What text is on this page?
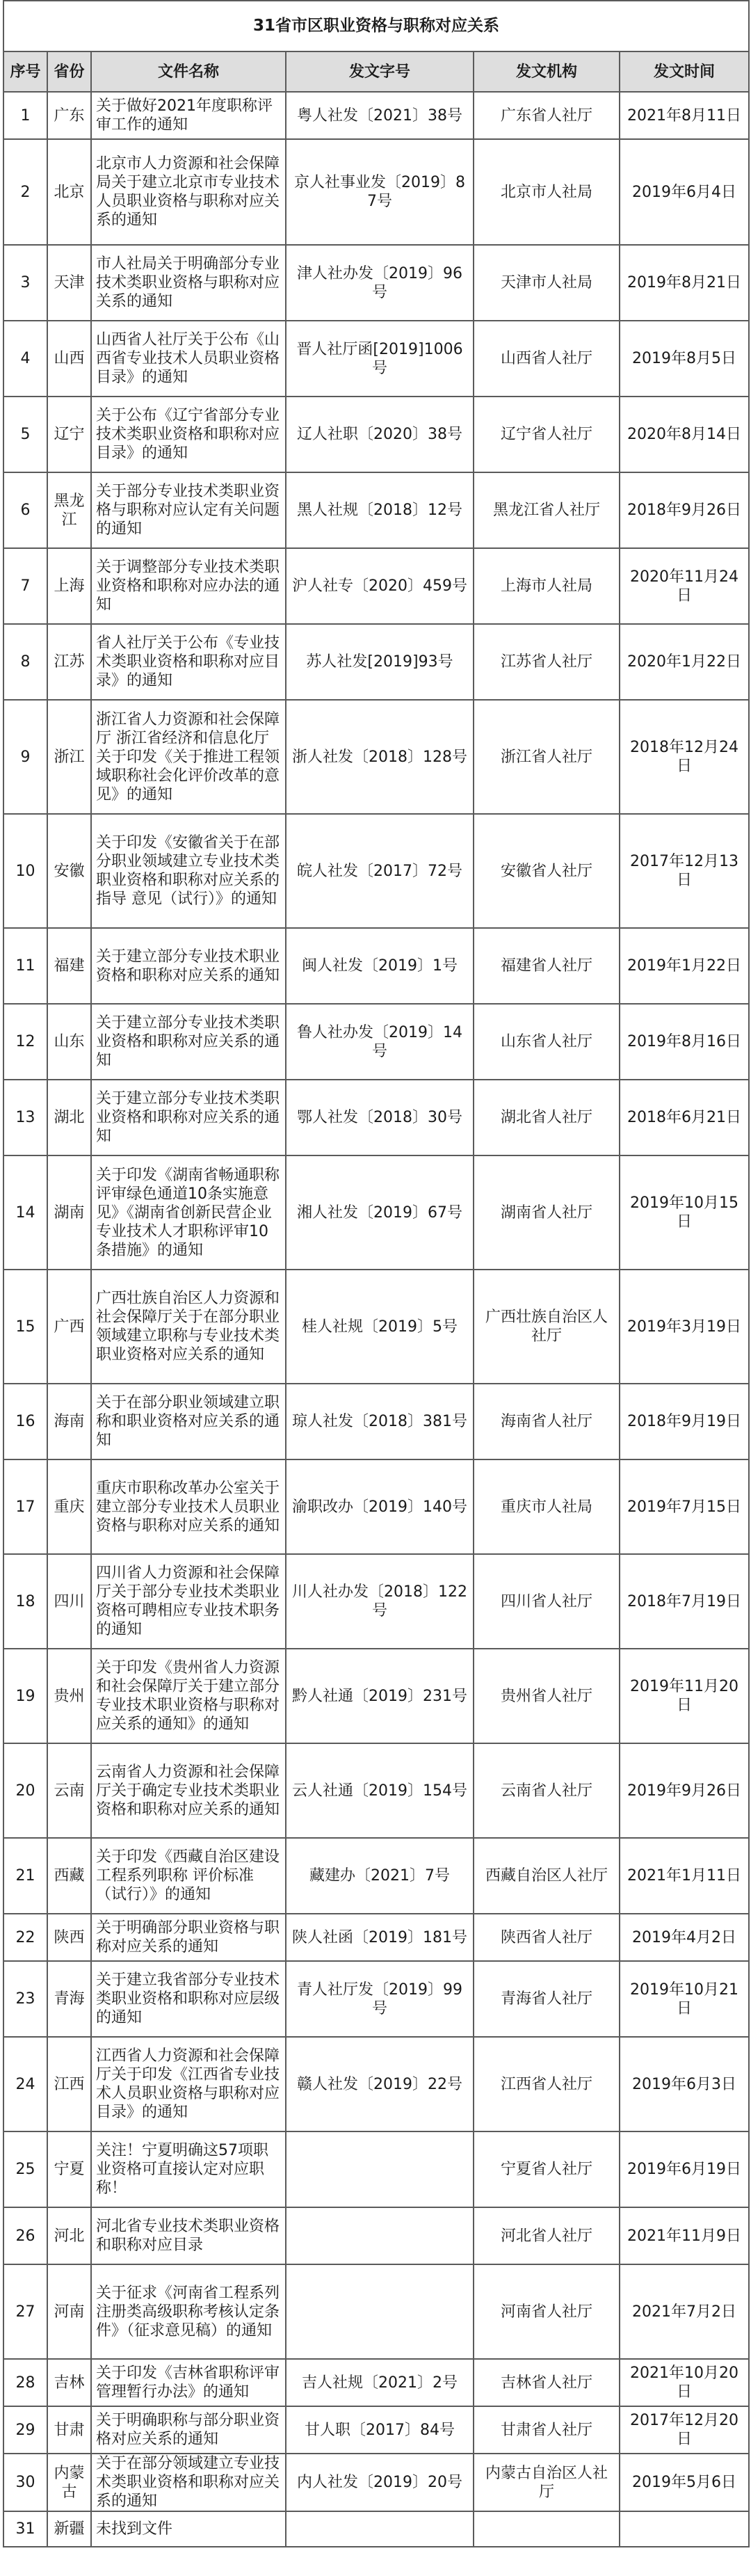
31省市区职业资格与职称对应关系					
序号	省份	文件名称	发文字号	发文机构	发文时间
1	广东	关于做好2021年度职称评审工作的通知	粤人社发〔2021〕38号	广东省人社厅	2021年8月11日
2	北京	北京市人力资源和社会保障局关于建立北京市专业技术人员职业资格与职称对应关系的通知	京人社事业发〔2019〕87号	北京市人社局	2019年6月4日
3	天津	市人社局关于明确部分专业技术类职业资格与职称对应关系的通知	津人社办发〔2019〕96号	天津市人社局	2019年8月21日
4	山西	山西省人社厅关于公布《山西省专业技术人员职业资格目录》的通知	晋人社厅函[2019]1006号	山西省人社厅	2019年8月5日
5	辽宁	关于公布《辽宁省部分专业技术类职业资格和职称对应目录》的通知	辽人社职〔2020〕38号	辽宁省人社厅	2020年8月14日
6	黑龙江	关于部分专业技术类职业资格与职称对应认定有关问题的通知	黑人社规〔2018〕12号	黑龙江省人社厅	2018年9月26日
7	上海	关于调整部分专业技术类职业资格和职称对应办法的通知	沪人社专〔2020〕459号	上海市人社局	2020年11月24日
8	江苏	省人社厅关于公布《专业技术类职业资格和职称对应目录》的通知	苏人社发[2019]93号	江苏省人社厅	2020年1月22日
9	浙江	浙江省人力资源和社会保障厅 浙江省经济和信息化厅 关于印发《关于推进工程领域职称社会化评价改革的意见》的通知	浙人社发〔2018〕128号	浙江省人社厅	2018年12月24日
10	安徽	关于印发《安徽省关于在部分职业领域建立专业技术类职业资格和职称对应关系的指导 意见（试行）》的通知	皖人社发〔2017〕72号	安徽省人社厅	2017年12月13日
11	福建	关于建立部分专业技术职业资格和职称对应关系的通知	闽人社发〔2019〕1号	福建省人社厅	2019年1月22日
12	山东	关于建立部分专业技术类职业资格和职称对应关系的通知	鲁人社办发〔2019〕14号	山东省人社厅	2019年8月16日
13	湖北	关于建立部分专业技术类职业资格和职称对应关系的通知	鄂人社发〔2018〕30号	湖北省人社厅	2018年6月21日
14	湖南	关于印发《湖南省畅通职称评审绿色通道10条实施意见》《湖南省创新民营企业专业技术人才职称评审10条措施》的通知	湘人社发〔2019〕67号	湖南省人社厅	2019年10月15日
15	广西	广西壮族自治区人力资源和社会保障厅关于在部分职业领域建立职称与专业技术类职业资格对应关系的通知	桂人社规〔2019〕5号	广西壮族自治区人社厅	2019年3月19日
16	海南	关于在部分职业领域建立职称和职业资格对应关系的通知	琼人社发〔2018〕381号	海南省人社厅	2018年9月19日
17	重庆	重庆市职称改革办公室关于建立部分专业技术人员职业资格与职称对应关系的通知	渝职改办〔2019〕140号	重庆市人社局	2019年7月15日
18	四川	四川省人力资源和社会保障厅关于部分专业技术类职业资格可聘相应专业技术职务的通知	川人社办发〔2018〕122号	四川省人社厅	2018年7月19日
19	贵州	关于印发《贵州省人力资源和社会保障厅关于建立部分专业技术职业资格与职称对应关系的通知》的通知	黔人社通〔2019〕231号	贵州省人社厅	2019年11月20日
20	云南	云南省人力资源和社会保障厅关于确定专业技术类职业资格和职称对应关系的通知	云人社通〔2019〕154号	云南省人社厅	2019年9月26日
21	西藏	关于印发《西藏自治区建设工程系列职称 评价标准（试行）》的通知	藏建办〔2021〕7号	西藏自治区人社厅	2021年1月11日
22	陕西	关于明确部分职业资格与职称对应关系的通知	陕人社函〔2019〕181号	陕西省人社厅	2019年4月2日
23	青海	关于建立我省部分专业技术类职业资格和职称对应层级的通知	青人社厅发〔2019〕99号	青海省人社厅	2019年10月21日
24	江西	江西省人力资源和社会保障厅关于印发《江西省专业技术人员职业资格与职称对应目录》的通知	赣人社发〔2019〕22号	江西省人社厅	2019年6月3日
25	宁夏	关注！宁夏明确这57项职业资格可直接认定对应职称！		宁夏省人社厅	2019年6月19日
26	河北	河北省专业技术类职业资格和职称对应目录		河北省人社厅	2021年11月9日
27	河南	关于征求《河南省工程系列注册类高级职称考核认定条件》（征求意见稿）的通知		河南省人社厅	2021年7月2日
28	吉林	关于印发《吉林省职称评审管理暂行办法》的通知	吉人社规〔2021〕2号	吉林省人社厅	2021年10月20日
29	甘肃	关于明确职称与部分职业资格对应关系的通知	甘人职〔2017〕84号	甘肃省人社厅	2017年12月20日
30	内蒙古	关于在部分领域建立专业技术类职业资格和职称对应关系的通知	内人社发〔2019〕20号	内蒙古自治区人社厅	2019年5月6日
31	新疆	未找到文件			
